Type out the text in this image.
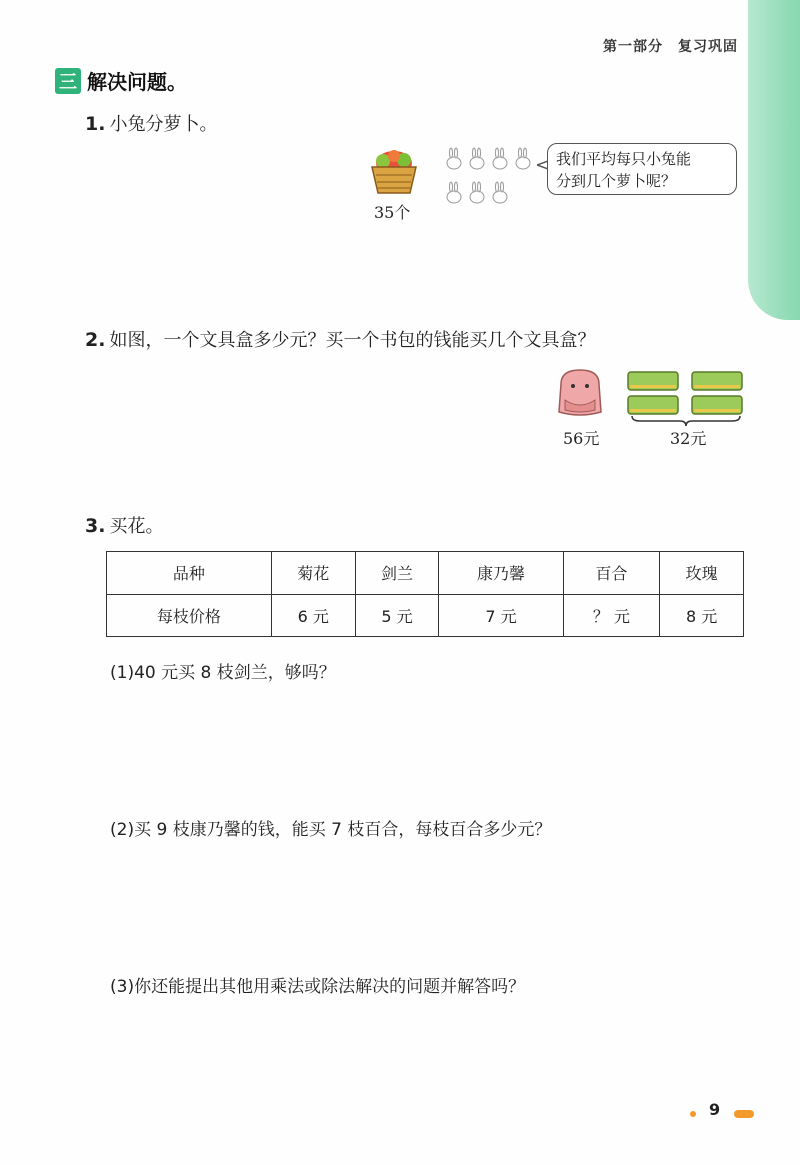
第一部分　复习巩固
三 解决问题。
1. 小兔分萝卜。
35个
我们平均每只小兔能
分到几个萝卜呢？
2. 如图，一个文具盒多少元？买一个书包的钱能买几个文具盒？
56元	32元
3. 买花。
品种	菊花	剑兰	康乃馨	百合	玫瑰
每枝价格	6 元	5 元	7 元	？ 元	8 元
(1)40 元买 8 枝剑兰，够吗？
(2)买 9 枝康乃馨的钱，能买 7 枝百合，每枝百合多少元？
(3)你还能提出其他用乘法或除法解决的问题并解答吗？
9
